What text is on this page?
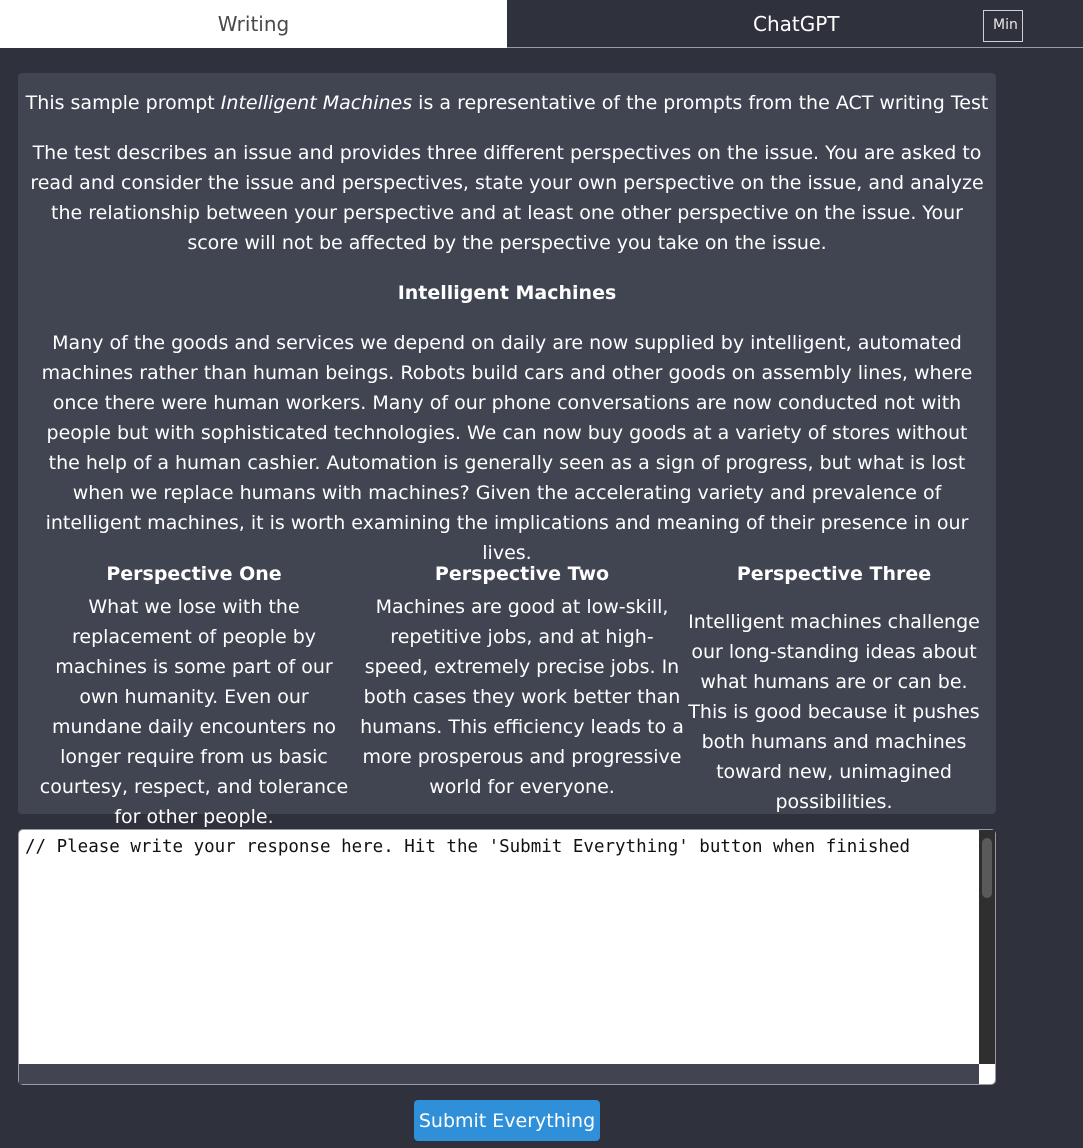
Writing	ChatGPT	Min

This sample prompt Intelligent Machines is a representative of the prompts from the ACT writing Test

The test describes an issue and provides three different perspectives on the issue. You are asked to read and consider the issue and perspectives, state your own perspective on the issue, and analyze the relationship between your perspective and at least one other perspective on the issue. Your score will not be affected by the perspective you take on the issue.

Intelligent Machines

Many of the goods and services we depend on daily are now supplied by intelligent, automated machines rather than human beings. Robots build cars and other goods on assembly lines, where once there were human workers. Many of our phone conversations are now conducted not with people but with sophisticated technologies. We can now buy goods at a variety of stores without the help of a human cashier. Automation is generally seen as a sign of progress, but what is lost when we replace humans with machines? Given the accelerating variety and prevalence of intelligent machines, it is worth examining the implications and meaning of their presence in our lives.

Perspective One
What we lose with the replacement of people by machines is some part of our own humanity. Even our mundane daily encounters no longer require from us basic courtesy, respect, and tolerance for other people.
Perspective Two
Machines are good at low-skill, repetitive jobs, and at high-speed, extremely precise jobs. In both cases they work better than humans. This efficiency leads to a more prosperous and progressive world for everyone.
Perspective Three
Intelligent machines challenge our long-standing ideas about what humans are or can be. This is good because it pushes both humans and machines toward new, unimagined possibilities.
// Please write your response here. Hit the 'Submit Everything' button when finished
Submit Everything
